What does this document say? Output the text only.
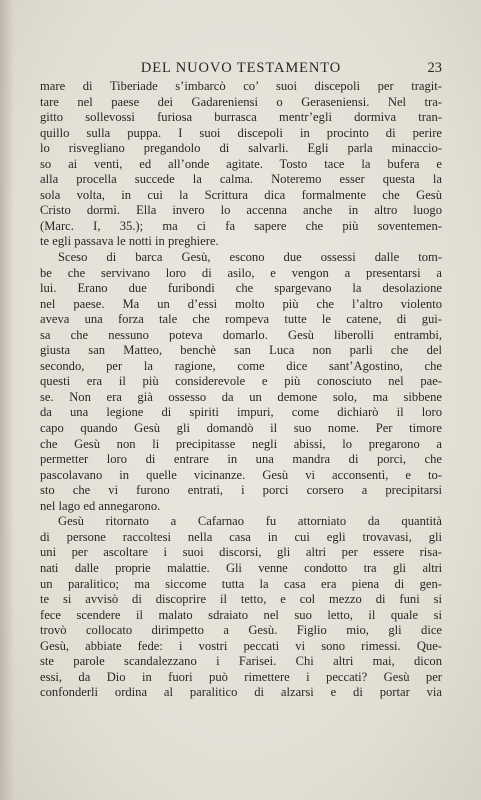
DEL NUOVO TESTAMENTO	23
mare di Tiberiade s’imbarcò co’ suoi discepoli per tragit-
tare nel paese dei Gadareniensi o Geraseniensi. Nel tra-
gitto sollevossi furiosa burrasca mentr’egli dormiva tran-
quillo sulla puppa. I suoi discepoli in procinto di perire
lo risvegliano pregandolo di salvarli. Egli parla minaccio-
so ai venti, ed all’onde agitate. Tosto tace la bufera e
alla procella succede la calma. Noteremo esser questa la
sola volta, in cui la Scrittura dica formalmente che Gesù
Cristo dormì. Ella invero lo accenna anche in altro luogo
(Marc. I, 35.); ma ci fa sapere che più soventemen-
te egli passava le notti in preghiere.
Sceso di barca Gesù, escono due ossessi dalle tom-
be che servivano loro di asilo, e vengon a presentarsi a
lui. Erano due furibondi che spargevano la desolazione
nel paese. Ma un d’essi molto più che l’altro violento
aveva una forza tale che rompeva tutte le catene, di gui-
sa che nessuno poteva domarlo. Gesù liberolli entrambi,
giusta san Matteo, benchè san Luca non parli che del
secondo, per la ragione, come dice sant’Agostino, che
questi era il più considerevole e più conosciuto nel pae-
se. Non era già ossesso da un demone solo, ma sibbene
da una legione di spiriti impuri, come dichiarò il loro
capo quando Gesù gli domandò il suo nome. Per timore
che Gesù non li precipitasse negli abissi, lo pregarono a
permetter loro di entrare in una mandra di porci, che
pascolavano in quelle vicinanze. Gesù vi acconsentì, e to-
sto che vi furono entrati, i porci corsero a precipitarsi
nel lago ed annegarono.
Gesù ritornato a Cafarnao fu attorniato da quantità
di persone raccoltesi nella casa in cui egli trovavasi, gli
uni per ascoltare i suoi discorsi, gli altri per essere risa-
nati dalle proprie malattie. Gli venne condotto tra gli altri
un paralitico; ma siccome tutta la casa era piena di gen-
te si avvisò di discoprire il tetto, e col mezzo di funi si
fece scendere il malato sdraiato nel suo letto, il quale si
trovò collocato dirimpetto a Gesù. Figlio mio, gli dice
Gesù, abbiate fede: i vostri peccati vi sono rimessi. Que-
ste parole scandalezzano i Farisei. Chi altri mai, dicon
essi, da Dio in fuori può rimettere i peccati? Gesù per
confonderli ordina al paralitico di alzarsi e di portar via
